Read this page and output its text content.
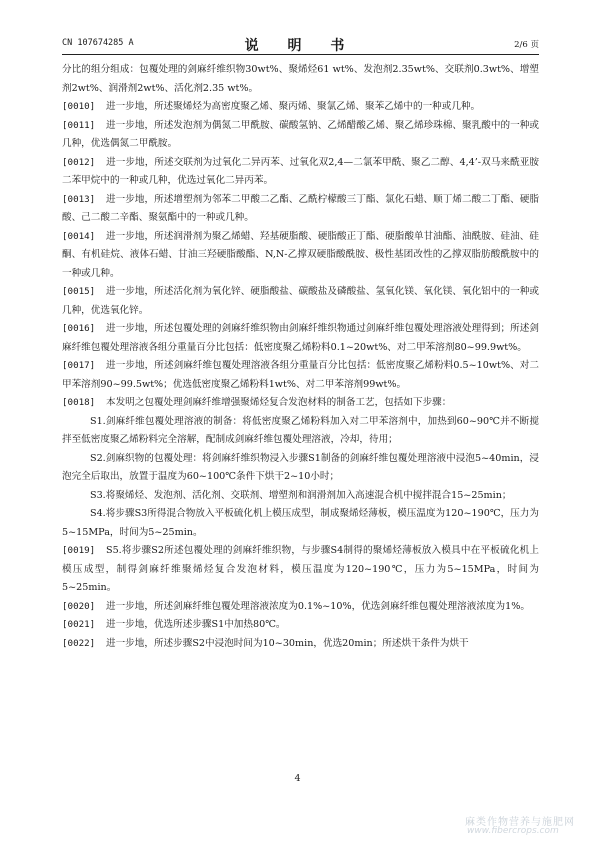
CN 107674285 A	说 明 书	2/6 页

分比的组分组成：包覆处理的剑麻纤维织物30wt%、聚烯烃61 wt%、发泡剂2.35wt%、交联剂0.3wt%、增塑剂2wt%、润滑剂2wt%、活化剂2.35 wt%。

[0010] 进一步地，所述聚烯烃为高密度聚乙烯、聚丙烯、聚氯乙烯、聚苯乙烯中的一种或几种。

[0011] 进一步地，所述发泡剂为偶氮二甲酰胺、碳酸氢钠、乙烯醋酸乙烯、聚乙烯珍珠棉、聚乳酸中的一种或几种，优选偶氮二甲酰胺。

[0012] 进一步地，所述交联剂为过氧化二异丙苯、过氧化双2,4—二氯苯甲酰、聚乙二醇、4,4’-双马来酰亚胺二苯甲烷中的一种或几种，优选过氧化二异丙苯。

[0013] 进一步地，所述增塑剂为邻苯二甲酸二乙酯、乙酰柠檬酸三丁酯、氯化石蜡、顺丁烯二酸二丁酯、硬脂酸、己二酸二辛酯、聚氨酯中的一种或几种。

[0014] 进一步地，所述润滑剂为聚乙烯蜡、羟基硬脂酸、硬脂酸正丁酯、硬脂酸单甘油酯、油酰胺、硅油、硅酮、有机硅烷、液体石蜡、甘油三羟硬脂酸酯、N,N-乙撑双硬脂酸酰胺、极性基团改性的乙撑双脂肪酸酰胺中的一种或几种。

[0015] 进一步地，所述活化剂为氧化锌、硬脂酸盐、碳酸盐及磷酸盐、氢氧化镁、氧化镁、氧化铝中的一种或几种，优选氧化锌。

[0016] 进一步地，所述包覆处理的剑麻纤维织物由剑麻纤维织物通过剑麻纤维包覆处理溶液处理得到；所述剑麻纤维包覆处理溶液各组分重量百分比包括：低密度聚乙烯粉料0.1~20wt%、对二甲苯溶剂80~99.9wt%。

[0017] 进一步地，所述剑麻纤维包覆处理溶液各组分重量百分比包括：低密度聚乙烯粉料0.5~10wt%、对二甲苯溶剂90~99.5wt%；优选低密度聚乙烯粉料1wt%、对二甲苯溶剂99wt%。

[0018] 本发明之包覆处理剑麻纤维增强聚烯烃复合发泡材料的制备工艺，包括如下步骤：

S1.剑麻纤维包覆处理溶液的制备：将低密度聚乙烯粉料加入对二甲苯溶剂中，加热到60~90℃并不断搅拌至低密度聚乙烯粉料完全溶解，配制成剑麻纤维包覆处理溶液，冷却，待用；

S2.剑麻织物的包覆处理：将剑麻纤维织物浸入步骤S1制备的剑麻纤维包覆处理溶液中浸泡5~40min，浸泡完全后取出，放置于温度为60~100℃条件下烘干2~10小时；

S3.将聚烯烃、发泡剂、活化剂、交联剂、增塑剂和润滑剂加入高速混合机中搅拌混合15~25min；

S4.将步骤S3所得混合物放入平板硫化机上模压成型，制成聚烯烃薄板，模压温度为120~190℃，压力为5~15MPa，时间为5~25min。

[0019] S5.将步骤S2所述包覆处理的剑麻纤维织物，与步骤S4制得的聚烯烃薄板放入模具中在平板硫化机上模压成型，制得剑麻纤维聚烯烃复合发泡材料，模压温度为120~190℃，压力为5~15MPa，时间为5~25min。

[0020] 进一步地，所述剑麻纤维包覆处理溶液浓度为0.1%~10%，优选剑麻纤维包覆处理溶液浓度为1%。

[0021] 进一步地，优选所述步骤S1中加热80℃。

[0022] 进一步地，所述步骤S2中浸泡时间为10~30min，优选20min；所述烘干条件为烘干

4
麻类作物营养与施肥网
www.fibercrops.com
